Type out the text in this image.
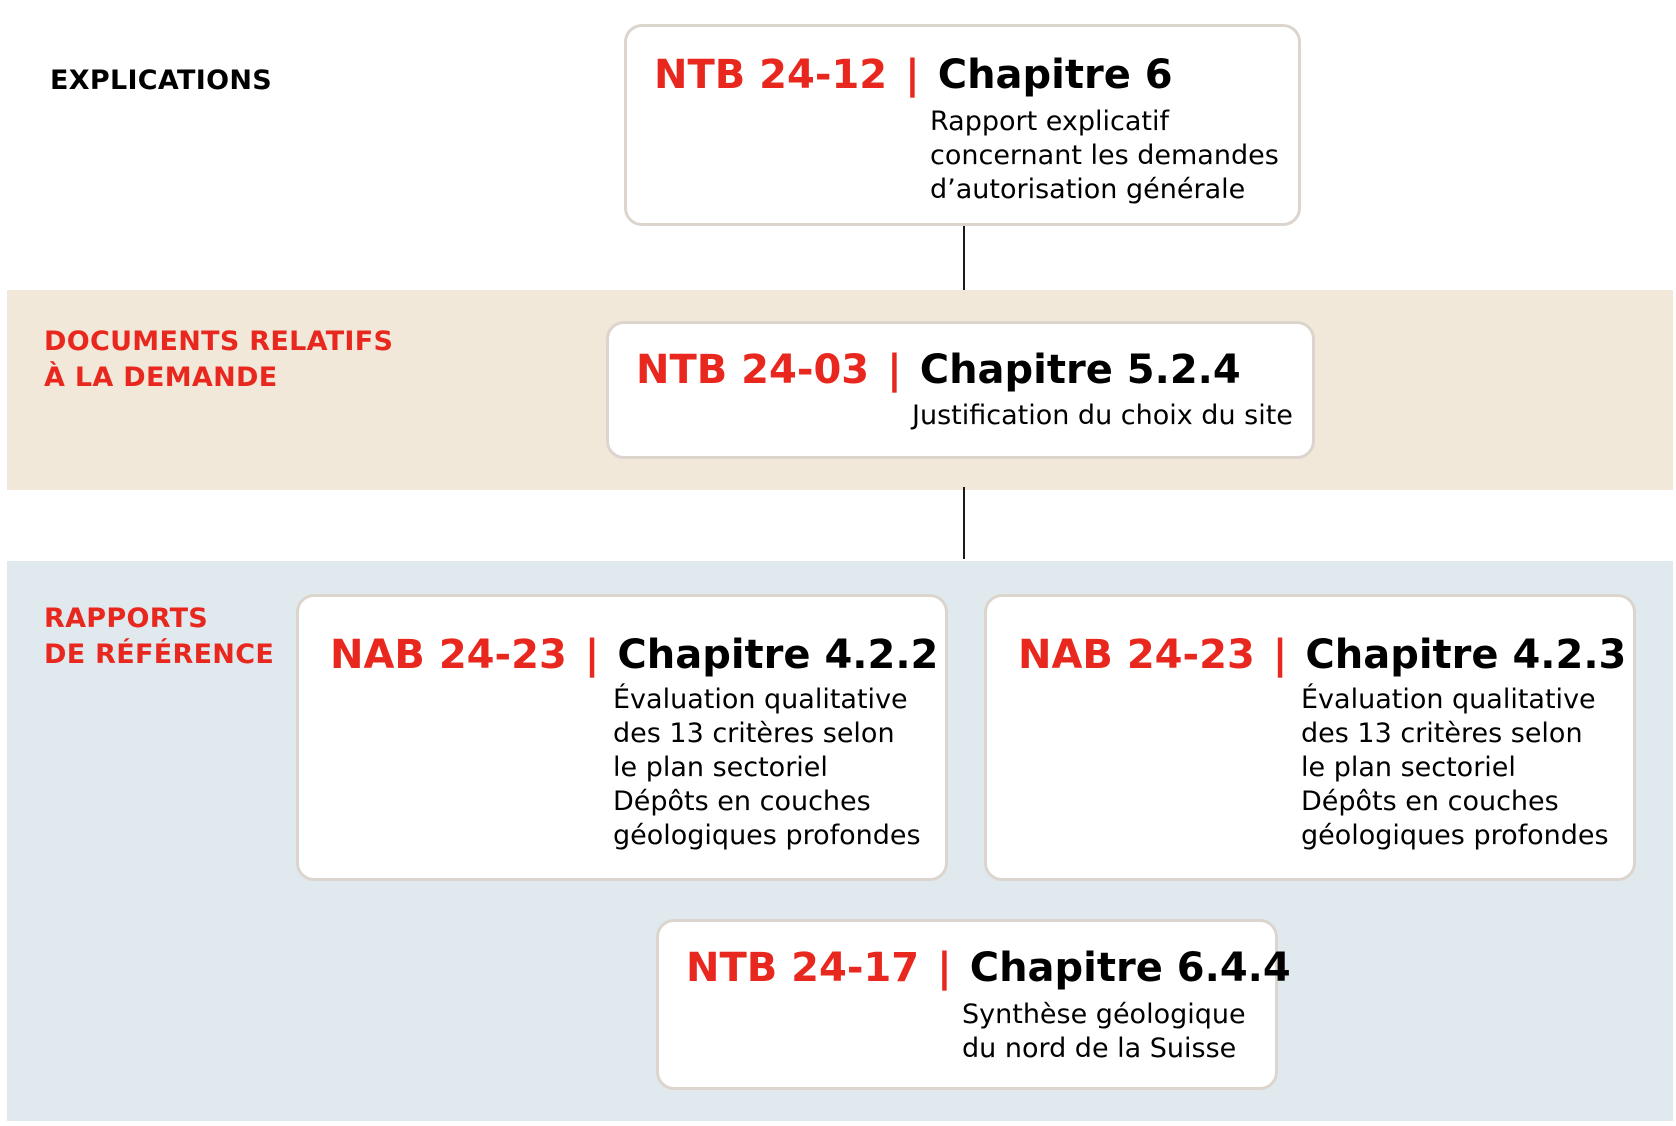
EXPLICATIONS
DOCUMENTS RELATIFS
À LA DEMANDE
RAPPORTS
DE RÉFÉRENCE
NTB 24-12 | Chapitre 6
Rapport explicatif
concernant les demandes
d’autorisation générale
NTB 24-03 | Chapitre 5.2.4
Justification du choix du site
NAB 24-23 | Chapitre 4.2.2
Évaluation qualitative
des 13 critères selon
le plan sectoriel
Dépôts en couches
géologiques profondes
NAB 24-23 | Chapitre 4.2.3
Évaluation qualitative
des 13 critères selon
le plan sectoriel
Dépôts en couches
géologiques profondes
NTB 24-17 | Chapitre 6.4.4
Synthèse géologique
du nord de la Suisse
